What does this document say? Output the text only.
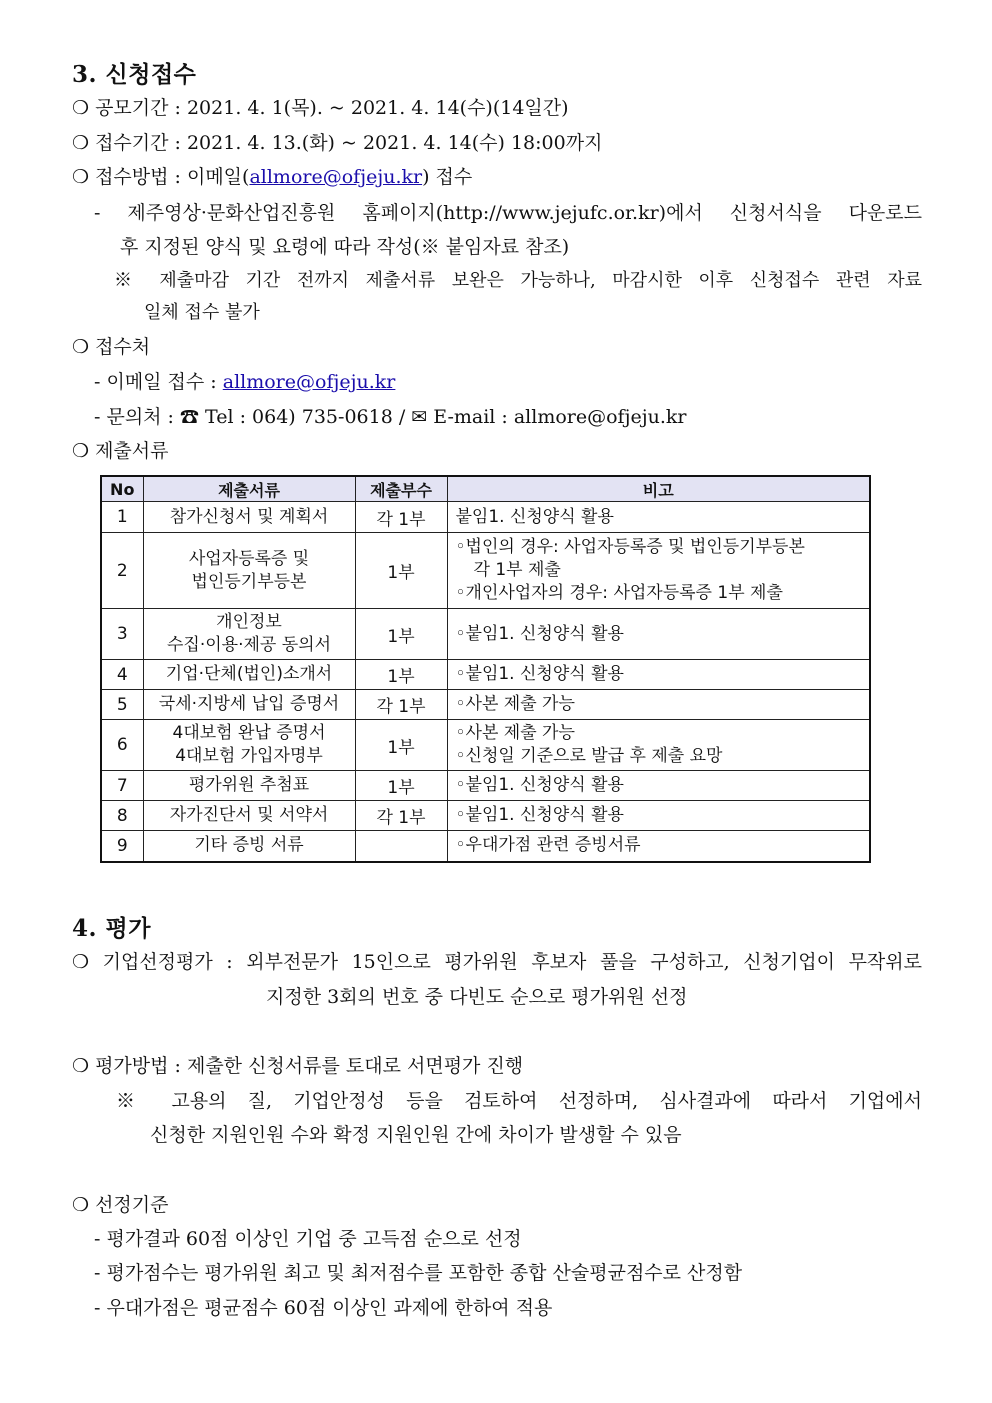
3. 신청접수
❍ 공모기간 : 2021. 4. 1(목). ~ 2021. 4. 14(수)(14일간)
❍ 접수기간 : 2021. 4. 13.(화) ~ 2021. 4. 14(수) 18:00까지
❍ 접수방법 : 이메일(allmore@ofjeju.kr) 접수
- 제주영상·문화산업진흥원 홈페이지(http://www.jejufc.or.kr)에서 신청서식을 다운로드
후 지정된 양식 및 요령에 따라 작성(※ 붙임자료 참조)
※ 제출마감 기간 전까지 제출서류 보완은 가능하나, 마감시한 이후 신청접수 관련 자료
일체 접수 불가
❍ 접수처
- 이메일 접수 : allmore@ofjeju.kr
- 문의처 : ☎ Tel : 064) 735-0618 / ✉ E-mail : allmore@ofjeju.kr
❍ 제출서류
No	제출서류	제출부수	비고
1	참가신청서 및 계획서	각 1부	붙임1. 신청양식 활용

2	사업자등록증 및
법인등기부등본	1부	◦법인의 경우: 사업자등록증 및 법인등기부등본
각 1부 제출
◦개인사업자의 경우: 사업자등록증 1부 제출

3	개인정보
수집·이용·제공 동의서	1부	◦붙임1. 신청양식 활용

4	기업·단체(법인)소개서	1부	◦붙임1. 신청양식 활용

5	국세·지방세 납입 증명서	각 1부	◦사본 제출 가능

6	4대보험 완납 증명서
4대보험 가입자명부	1부	◦사본 제출 가능
◦신청일 기준으로 발급 후 제출 요망

7	평가위원 추첨표	1부	◦붙임1. 신청양식 활용

8	자가진단서 및 서약서	각 1부	◦붙임1. 신청양식 활용

9	기타 증빙 서류		◦우대가점 관련 증빙서류
4. 평가
❍ 기업선정평가 : 외부전문가 15인으로 평가위원 후보자 풀을 구성하고, 신청기업이 무작위로
지정한 3회의 번호 중 다빈도 순으로 평가위원 선정
❍ 평가방법 : 제출한 신청서류를 토대로 서면평가 진행
※ 고용의 질, 기업안정성 등을 검토하여 선정하며, 심사결과에 따라서 기업에서
신청한 지원인원 수와 확정 지원인원 간에 차이가 발생할 수 있음
❍ 선정기준
- 평가결과 60점 이상인 기업 중 고득점 순으로 선정
- 평가점수는 평가위원 최고 및 최저점수를 포함한 종합 산술평균점수로 산정함
- 우대가점은 평균점수 60점 이상인 과제에 한하여 적용
